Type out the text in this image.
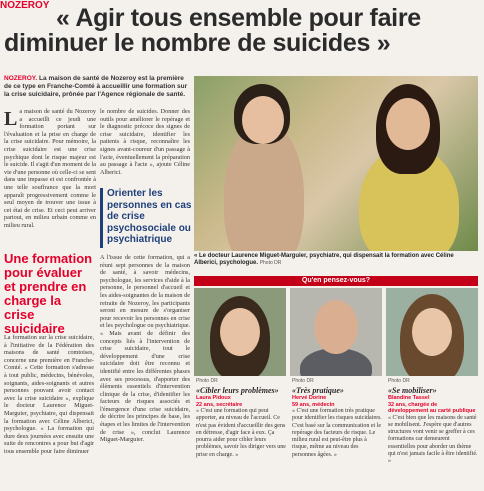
NOZEROY « Agir tous ensemble pour faire
diminuer le nombre de suicides »
NOZEROY. La maison de santé de Nozeroy est la première de ce type en Franche-Comté à accueillir une formation sur la crise suicidaire, prônée par l'Agence régionale de santé.
L a maison de santé du Nozeroy a accueilli ce jeudi une formation portant sur l'évaluation et la prise en charge de la crise suicidaire. Pour mémoire, la crise suicidaire est une crise psychique dont le risque majeur est le suicide. Il s'agit d'un moment de la vie d'une personne où celle-ci se sent dans une impasse et est confrontée à une telle souffrance que la mort apparaît progressivement comme le seul moyen de trouver une issue à cet état de crise. Et ceci peut arriver partout, en milieu urbain comme en milieu rural.
le nombre de suicides. Donner des outils pour améliorer le repérage et le diagnostic précoce des signes de crise suicidaire, identifier les patients à risque, reconnaître les signes avant-coureur d'un passage à l'acte, éventuellement la préparation au passage à l'acte », ajoute Céline Alberici.
Orienter les personnes en cas de crise psychosociale ou psychiatrique
Une formation pour évaluer et prendre en charge la crise suicidaire
La formation sur la crise suicidaire, à l'initiative de la Fédération des maisons de santé comtoises, concerne une première en Franche-Comté. « Cette formation s'adresse à tout public, médecins, bénévoles, soignants, aides-soignants et autres personnes pouvant avoir contact avec la crise suicidaire », explique le docteur Laurence Miguet-Marguier, psychiatre, qui dispensait la formation avec Céline Alberici, psychologue. « La formation qui dure deux journées avec ensuite une suite de rencontres a pour but d'agir tous ensemble pour faire diminuer
A l'issue de cette formation, qui a réuni sept personnes de la maison de santé, à savoir médecins, psychologue, les services d'aide à la personne, le personnel d'accueil et les aides-soignantes de la maison de retraite de Nozeroy, les participants seront en mesure de s'organiser pour recevoir les personnes en crise et les psychologue ou psychiatrique. « Mais avant de définir des concepts liés à l'intervention de crise suicidaire, tout le développement d'une crise suicidaire doit être reconnu et identifié entre les différentes phases avec ses processus, d'apporter des éléments essentiels d'intervention clinique de la crise, d'identifier les facteurs de risques associés et l'émergence d'une crise suicidaire, de décrire les principes de base, les étapes et les limites de l'intervention de crise », conclut Laurence Miguet-Marguier.
« Le docteur Laurence Miguet-Marguier, psychiatre, qui dispensait la formation avec Céline Alberici, psychologue. Photo DR
Qu'en pensez-vous?
Photo DR	Photo DR	Photo DR
«Cibler leurs problèmes»
Laura Pidoux
22 ans, secrétaire
« C'est une formation qui peut apporter, au niveau de l'accueil. Ce n'est pas évident d'accueillir des gens en détresse, d'agir face à eux. Ça pourra aider pour cibler leurs problèmes, savoir les diriger vers une prise en charge. »
«Très pratique»
Hervé Dorine
59 ans, médecin
« C'est une formation très pratique pour identifier les risques suicidaires. C'est basé sur la communication et le repérage des facteurs de risque. Le milieu rural est peut-être plus à risque, même au niveau des personnes âgées. »
«Se mobiliser»
Blandine Tassel
32 ans, chargée de développement au carté publique
« C'est bien que les maisons de santé se mobilisent. J'espère que d'autres structures vont venir se greffer à ces formations car demeurent essentielles pour aborder un thème qui n'est jamais facile à être identifié. »
